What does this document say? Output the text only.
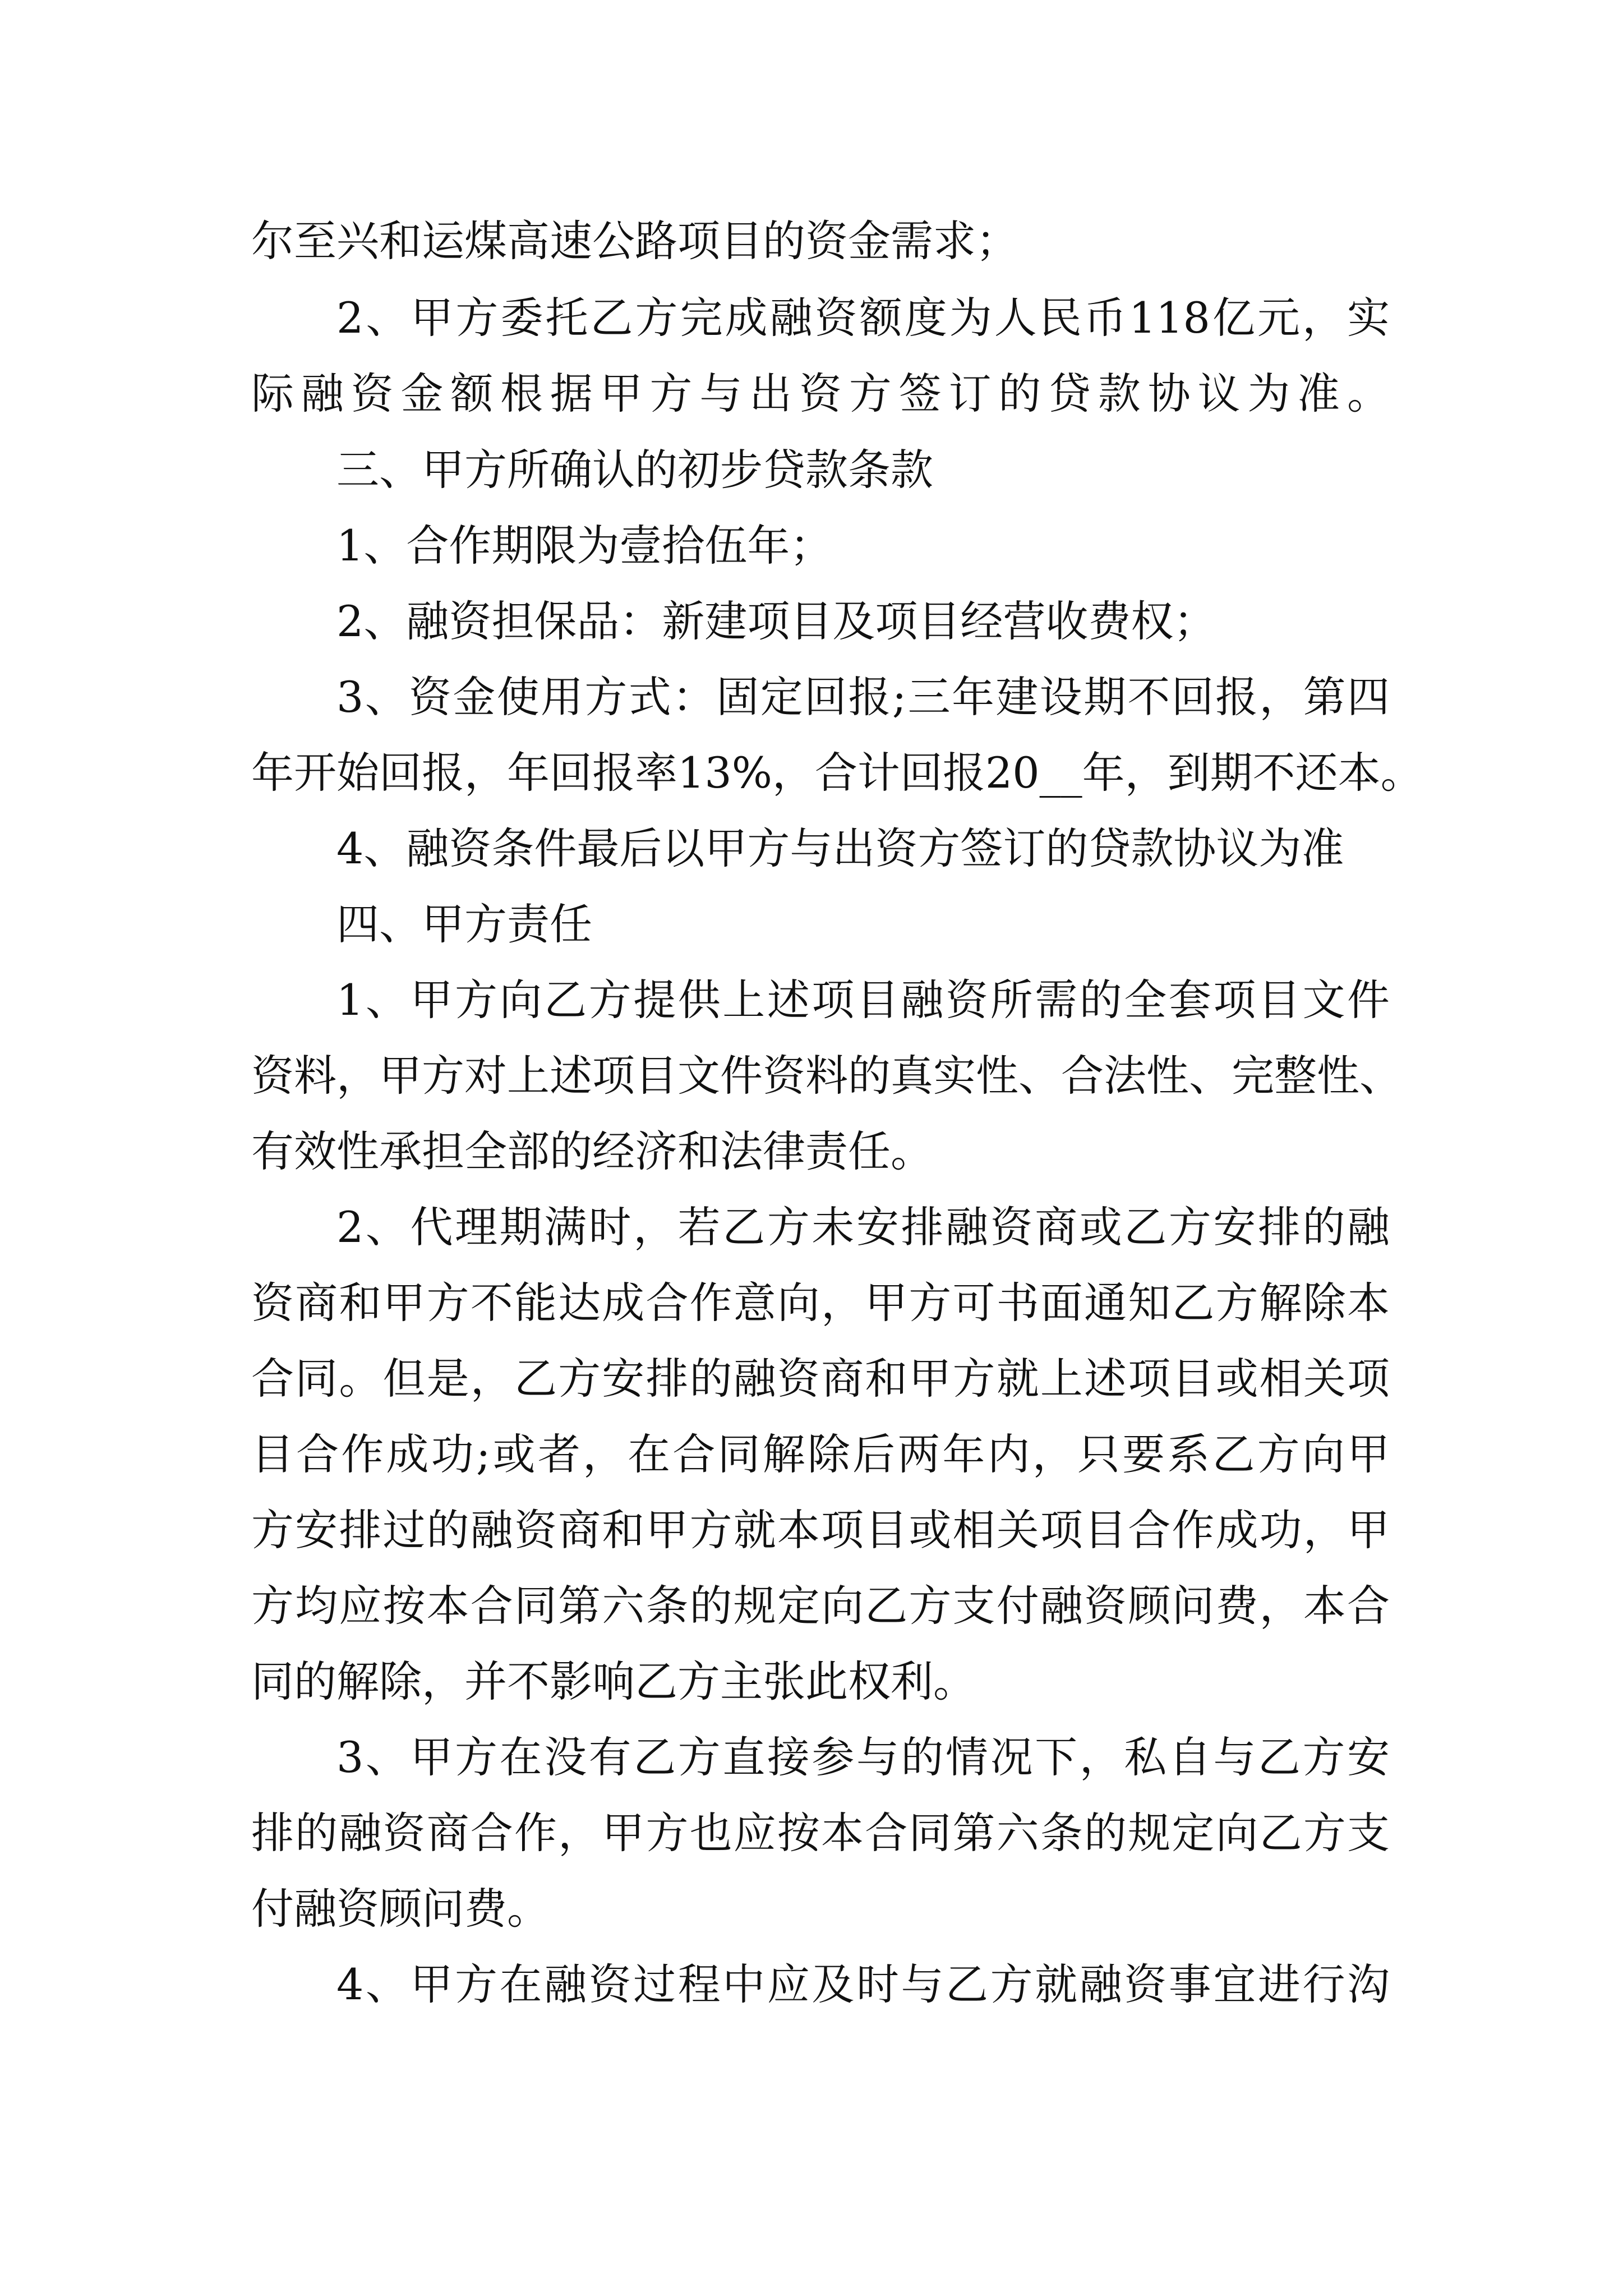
尔至兴和运煤高速公路项目的资金需求；
2、甲方委托乙方完成融资额度为人民币118亿元，实
际融资金额根据甲方与出资方签订的贷款协议为准。
三、甲方所确认的初步贷款条款
1、合作期限为壹拾伍年；
2、融资担保品：新建项目及项目经营收费权；
3、资金使用方式：固定回报;三年建设期不回报，第四
年开始回报，年回报率13%，合计回报20__年，到期不还本。
4、融资条件最后以甲方与出资方签订的贷款协议为准
四、甲方责任
1、甲方向乙方提供上述项目融资所需的全套项目文件
资料，甲方对上述项目文件资料的真实性、合法性、完整性、
有效性承担全部的经济和法律责任。
2、代理期满时，若乙方未安排融资商或乙方安排的融
资商和甲方不能达成合作意向，甲方可书面通知乙方解除本
合同。但是，乙方安排的融资商和甲方就上述项目或相关项
目合作成功;或者，在合同解除后两年内，只要系乙方向甲
方安排过的融资商和甲方就本项目或相关项目合作成功，甲
方均应按本合同第六条的规定向乙方支付融资顾问费，本合
同的解除，并不影响乙方主张此权利。
3、甲方在没有乙方直接参与的情况下，私自与乙方安
排的融资商合作，甲方也应按本合同第六条的规定向乙方支
付融资顾问费。
4、甲方在融资过程中应及时与乙方就融资事宜进行沟
